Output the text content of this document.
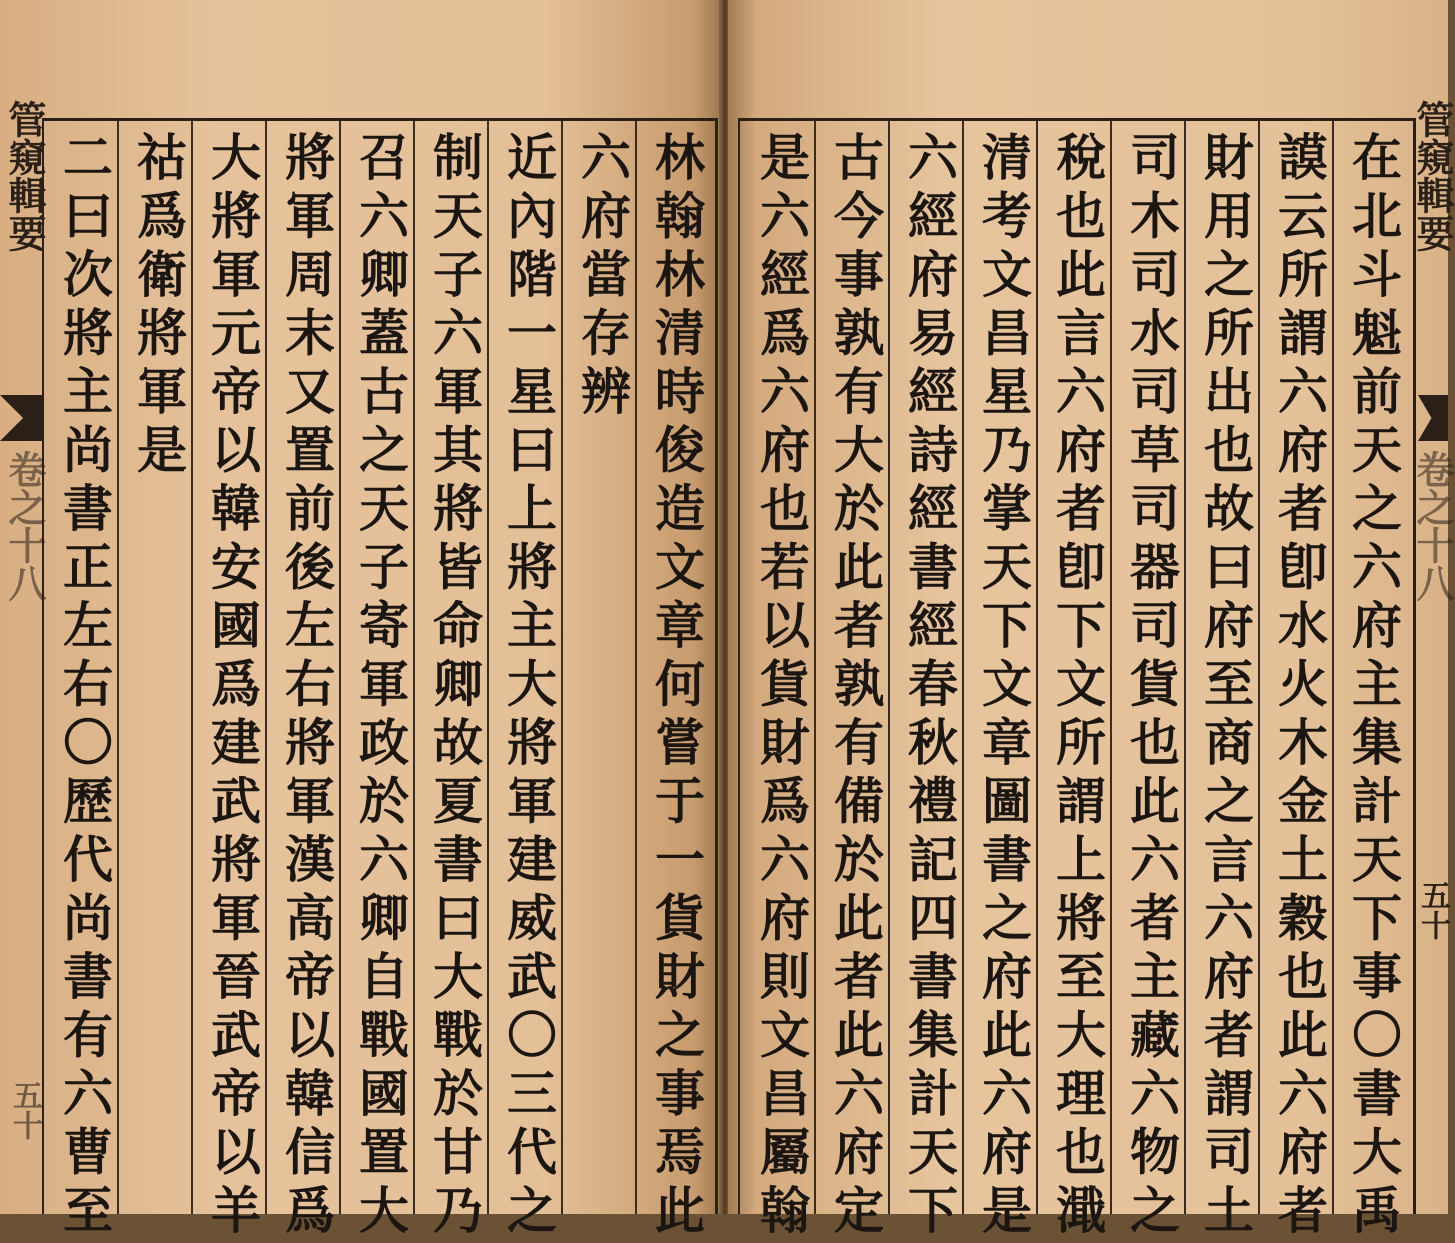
管窺輯要
卷之十八
五十	林翰林清時俊造文章何嘗于一貨財之事焉此
六府當存辨
近內階一星曰上將主大將軍建威武〇三代之
制天子六軍其將皆命卿故夏書曰大戰於甘乃
召六卿蓋古之天子寄軍政於六卿自戰國置大
將軍周末又置前後左右將軍漢高帝以韓信爲
大將軍元帝以韓安國爲建武將軍晉武帝以羊
祜爲衛將軍是
二曰次將主尚書正左右〇歷代尚書有六曹至	在北斗魁前天之六府主集計天下事〇書大禹
謨云所謂六府者卽水火木金土穀也此六府者
財用之所出也故曰府至商之言六府者謂司土
司木司水司草司器司貨也此六者主藏六物之
稅也此言六府者卽下文所謂上將至大理也濈
清考文昌星乃掌天下文章圖書之府此六府是
六經府易經詩經書經春秋禮記四書集計天下
古今事孰有大於此者孰有備於此者此六府定
是六經爲六府也若以貨財爲六府則文昌屬翰	管窺輯要
卷之十八
五十
